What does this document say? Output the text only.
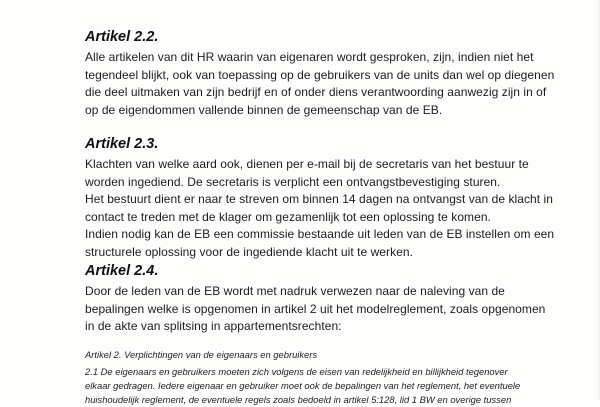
Artikel 2.2.

Alle artikelen van dit HR waarin van eigenaren wordt gesproken, zijn, indien niet het
tegendeel blijkt, ook van toepassing op de gebruikers van de units dan wel op diegenen
die deel uitmaken van zijn bedrijf en of onder diens verantwoording aanwezig zijn in of
op de eigendommen vallende binnen de gemeenschap van de EB.

Artikel 2.3.

Klachten van welke aard ook, dienen per e-mail bij de secretaris van het bestuur te
worden ingediend. De secretaris is verplicht een ontvangstbevestiging sturen.
Het bestuurt dient er naar te streven om binnen 14 dagen na ontvangst van de klacht in
contact te treden met de klager om gezamenlijk tot een oplossing te komen.
Indien nodig kan de EB een commissie bestaande uit leden van de EB instellen om een
structurele oplossing voor de ingediende klacht uit te werken.

Artikel 2.4.

Door de leden van de EB wordt met nadruk verwezen naar de naleving van de
bepalingen welke is opgenomen in artikel 2 uit het modelreglement, zoals opgenomen
in de akte van splitsing in appartementsrechten:

Artikel 2. Verplichtingen van de eigenaars en gebruikers
2.1 De eigenaars en gebruikers moeten zich volgens de eisen van redelijkheid en billijkheid tegenover
elkaar gedragen. Iedere eigenaar en gebruiker moet ook de bepalingen van het reglement, het eventuele
huishoudelijk reglement, de eventuele regels zoals bedoeld in artikel 5:128, lid 1 BW en overige tussen
